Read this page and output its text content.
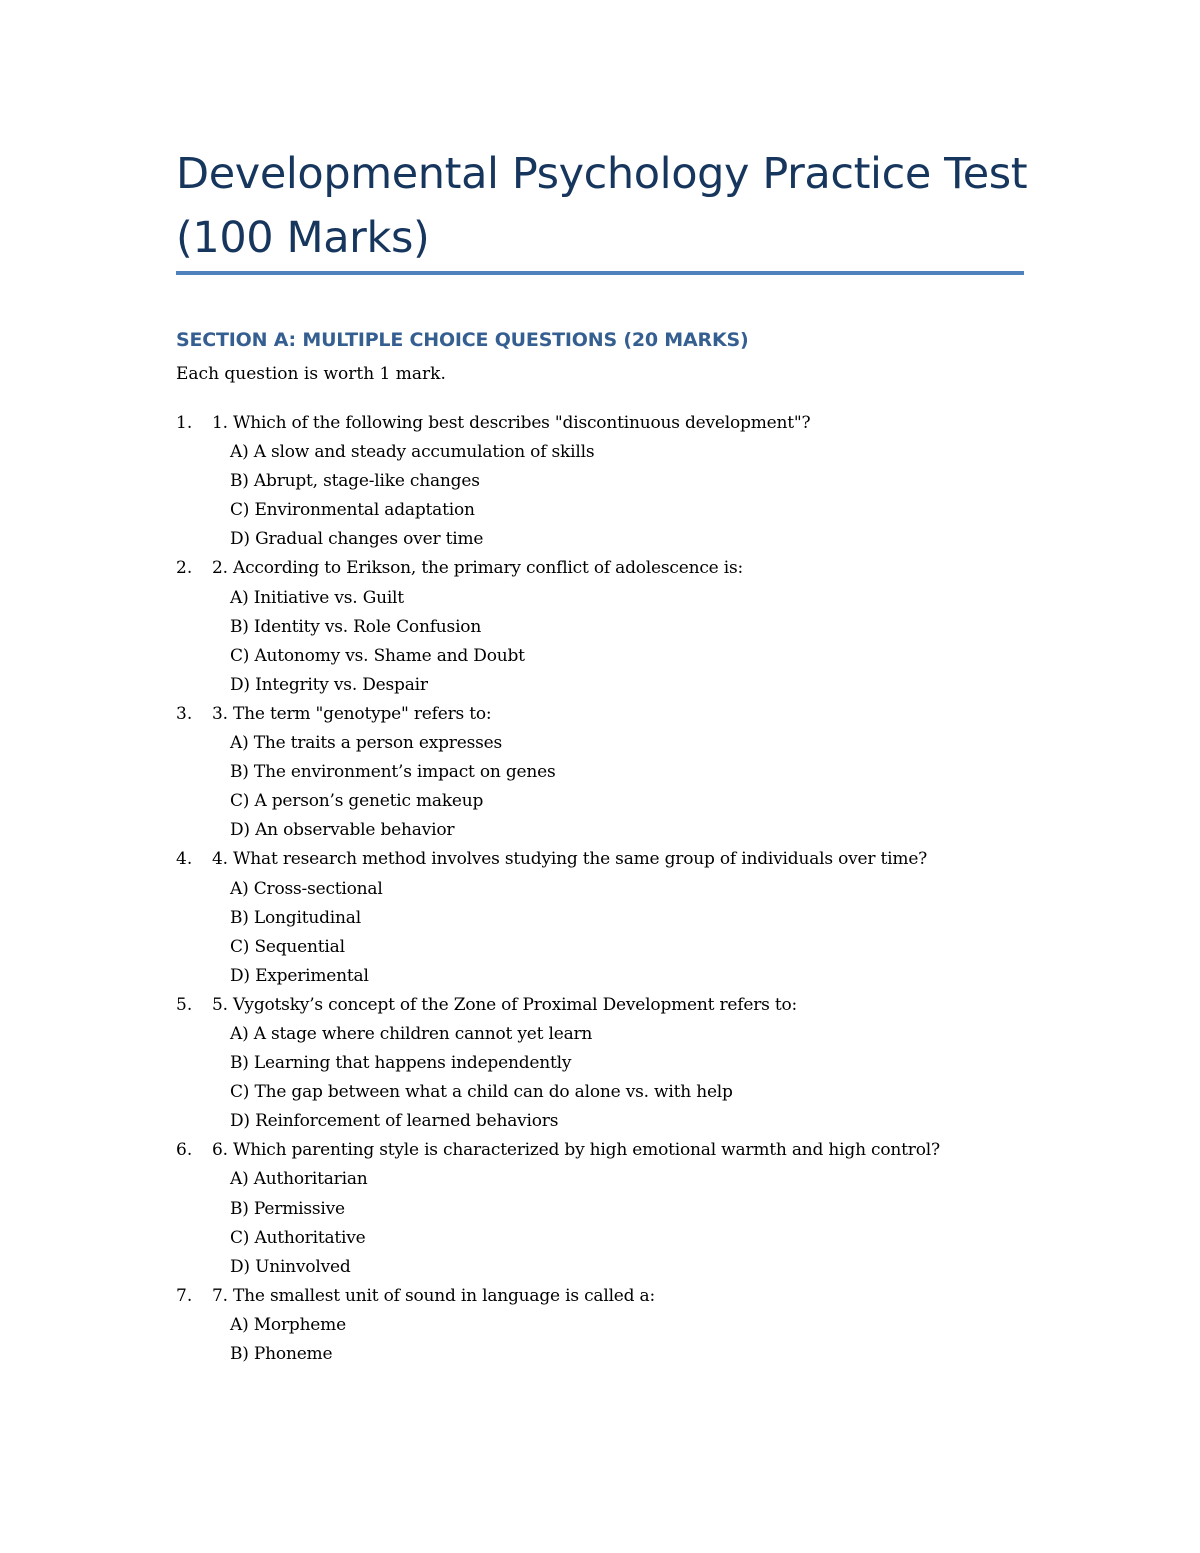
Developmental Psychology Practice Test (100 Marks)
SECTION A: MULTIPLE CHOICE QUESTIONS (20 MARKS)

Each question is worth 1 mark.

1.	1. Which of the following best describes "discontinuous development"?
A) A slow and steady accumulation of skills
B) Abrupt, stage-like changes
C) Environmental adaptation
D) Gradual changes over time
2.	2. According to Erikson, the primary conflict of adolescence is:
A) Initiative vs. Guilt
B) Identity vs. Role Confusion
C) Autonomy vs. Shame and Doubt
D) Integrity vs. Despair
3.	3. The term "genotype" refers to:
A) The traits a person expresses
B) The environment’s impact on genes
C) A person’s genetic makeup
D) An observable behavior
4.	4. What research method involves studying the same group of individuals over time?
A) Cross-sectional
B) Longitudinal
C) Sequential
D) Experimental
5.	5. Vygotsky’s concept of the Zone of Proximal Development refers to:
A) A stage where children cannot yet learn
B) Learning that happens independently
C) The gap between what a child can do alone vs. with help
D) Reinforcement of learned behaviors
6.	6. Which parenting style is characterized by high emotional warmth and high control?
A) Authoritarian
B) Permissive
C) Authoritative
D) Uninvolved
7.	7. The smallest unit of sound in language is called a:
A) Morpheme
B) Phoneme
